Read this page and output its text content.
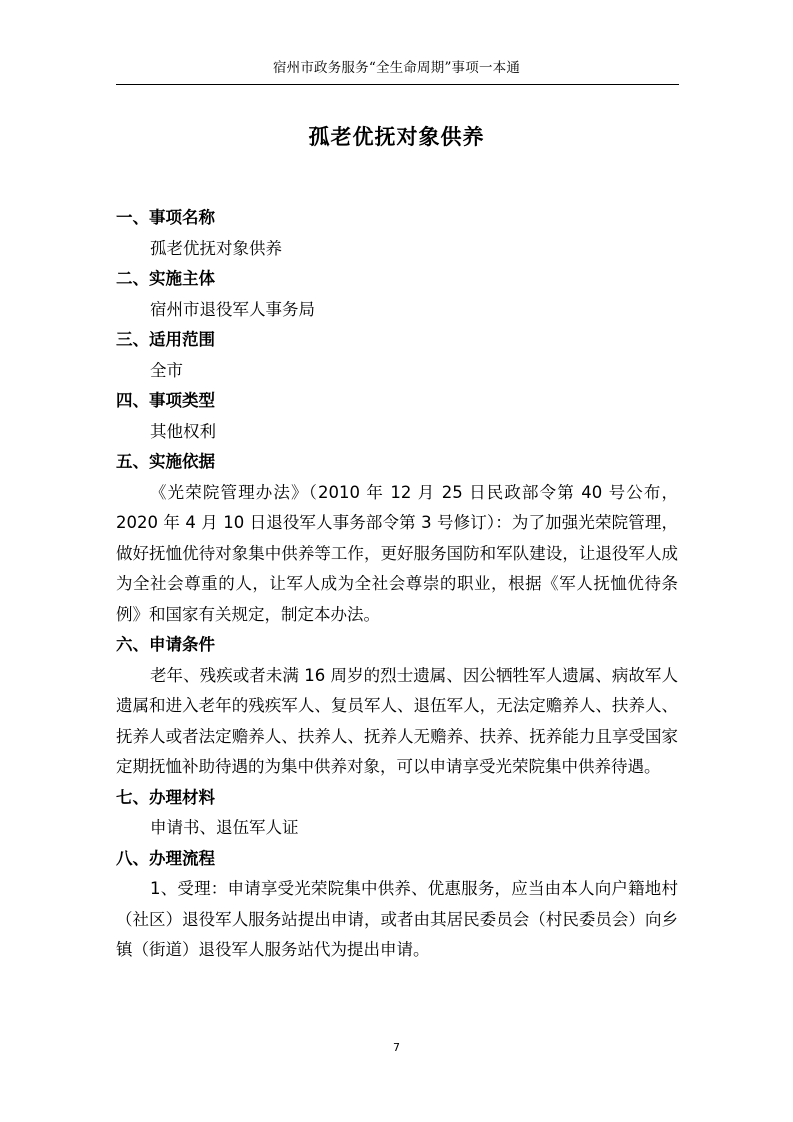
宿州市政务服务“全生命周期”事项一本通
孤老优抚对象供养

一、事项名称

孤老优抚对象供养

二、实施主体

宿州市退役军人事务局

三、适用范围

全市

四、事项类型

其他权利

五、实施依据

《光荣院管理办法》（2010 年 12 月 25 日民政部令第 40 号公布，2020 年 4 月 10 日退役军人事务部令第 3 号修订）：为了加强光荣院管理，做好抚恤优待对象集中供养等工作，更好服务国防和军队建设，让退役军人成为全社会尊重的人，让军人成为全社会尊崇的职业，根据《军人抚恤优待条例》和国家有关规定，制定本办法。

六、申请条件

老年、残疾或者未满 16 周岁的烈士遗属、因公牺牲军人遗属、病故军人遗属和进入老年的残疾军人、复员军人、退伍军人，无法定赡养人、扶养人、抚养人或者法定赡养人、扶养人、抚养人无赡养、扶养、抚养能力且享受国家定期抚恤补助待遇的为集中供养对象，可以申请享受光荣院集中供养待遇。

七、办理材料

申请书、退伍军人证

八、办理流程

1、受理：申请享受光荣院集中供养、优惠服务，应当由本人向户籍地村（社区）退役军人服务站提出申请，或者由其居民委员会（村民委员会）向乡镇（街道）退役军人服务站代为提出申请。

7
